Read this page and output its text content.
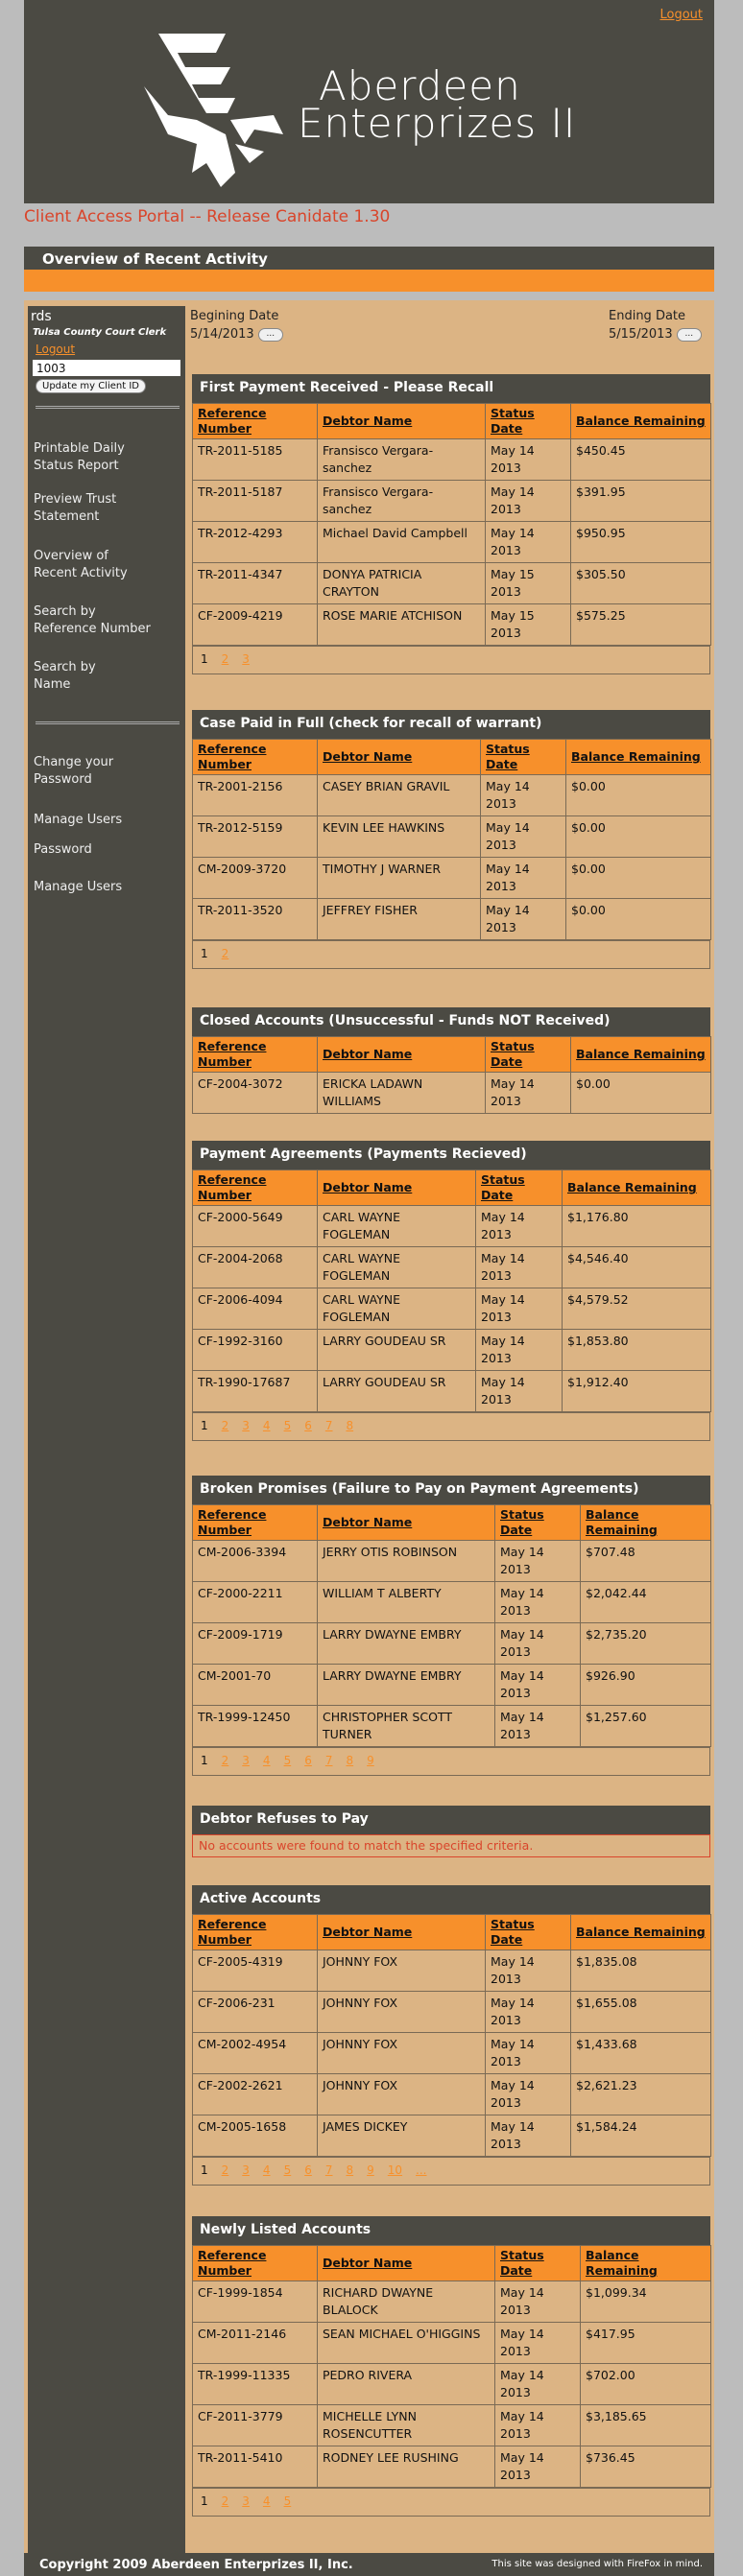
Logout
Aberdeen
Enterprizes II
Client Access Portal -- Release Canidate 1.30
Overview of Recent Activity
rds
Tulsa County Court Clerk
Logout
1003
Update my Client ID
Printable Daily Status Report
Preview Trust Statement
Overview of Recent Activity
Search by Reference Number
Search by Name
Change your Password
Manage Users
Password
Manage Users
Begining Date
5/14/2013 ...
Ending Date
5/15/2013 ...
First Payment Received - Please Recall
Reference Number	Debtor Name	Status Date	Balance Remaining
TR-2011-5185	Fransisco Vergara-sanchez	May 14 2013	$450.45
TR-2011-5187	Fransisco Vergara-sanchez	May 14 2013	$391.95
TR-2012-4293	Michael David Campbell	May 14 2013	$950.95
TR-2011-4347	DONYA PATRICIA CRAYTON	May 15 2013	$305.50
CF-2009-4219	ROSE MARIE ATCHISON	May 15 2013	$575.25
1 2 3
Case Paid in Full (check for recall of warrant)
Reference Number	Debtor Name	Status Date	Balance Remaining
TR-2001-2156	CASEY BRIAN GRAVIL	May 14 2013	$0.00
TR-2012-5159	KEVIN LEE HAWKINS	May 14 2013	$0.00
CM-2009-3720	TIMOTHY J WARNER	May 14 2013	$0.00
TR-2011-3520	JEFFREY FISHER	May 14 2013	$0.00
1 2
Closed Accounts (Unsuccessful - Funds NOT Received)
Reference Number	Debtor Name	Status Date	Balance Remaining
CF-2004-3072	ERICKA LADAWN WILLIAMS	May 14 2013	$0.00
Payment Agreements (Payments Recieved)
Reference Number	Debtor Name	Status Date	Balance Remaining
CF-2000-5649	CARL WAYNE FOGLEMAN	May 14 2013	$1,176.80
CF-2004-2068	CARL WAYNE FOGLEMAN	May 14 2013	$4,546.40
CF-2006-4094	CARL WAYNE FOGLEMAN	May 14 2013	$4,579.52
CF-1992-3160	LARRY GOUDEAU SR	May 14 2013	$1,853.80
TR-1990-17687	LARRY GOUDEAU SR	May 14 2013	$1,912.40
1 2 3 4 5 6 7 8
Broken Promises (Failure to Pay on Payment Agreements)
Reference Number	Debtor Name	Status Date	Balance Remaining
CM-2006-3394	JERRY OTIS ROBINSON	May 14 2013	$707.48
CF-2000-2211	WILLIAM T ALBERTY	May 14 2013	$2,042.44
CF-2009-1719	LARRY DWAYNE EMBRY	May 14 2013	$2,735.20
CM-2001-70	LARRY DWAYNE EMBRY	May 14 2013	$926.90
TR-1999-12450	CHRISTOPHER SCOTT TURNER	May 14 2013	$1,257.60
1 2 3 4 5 6 7 8 9
Debtor Refuses to Pay
No accounts were found to match the specified criteria.
Active Accounts
Reference Number	Debtor Name	Status Date	Balance Remaining
CF-2005-4319	JOHNNY FOX	May 14 2013	$1,835.08
CF-2006-231	JOHNNY FOX	May 14 2013	$1,655.08
CM-2002-4954	JOHNNY FOX	May 14 2013	$1,433.68
CF-2002-2621	JOHNNY FOX	May 14 2013	$2,621.23
CM-2005-1658	JAMES DICKEY	May 14 2013	$1,584.24
1 2 3 4 5 6 7 8 9 10 ...
Newly Listed Accounts
Reference Number	Debtor Name	Status Date	Balance Remaining
CF-1999-1854	RICHARD DWAYNE BLALOCK	May 14 2013	$1,099.34
CM-2011-2146	SEAN MICHAEL O'HIGGINS	May 14 2013	$417.95
TR-1999-11335	PEDRO RIVERA	May 14 2013	$702.00
CF-2011-3779	MICHELLE LYNN ROSENCUTTER	May 14 2013	$3,185.65
TR-2011-5410	RODNEY LEE RUSHING	May 14 2013	$736.45
1 2 3 4 5
Copyright 2009 Aberdeen Enterprizes II, Inc.	This site was designed with FireFox in mind.
